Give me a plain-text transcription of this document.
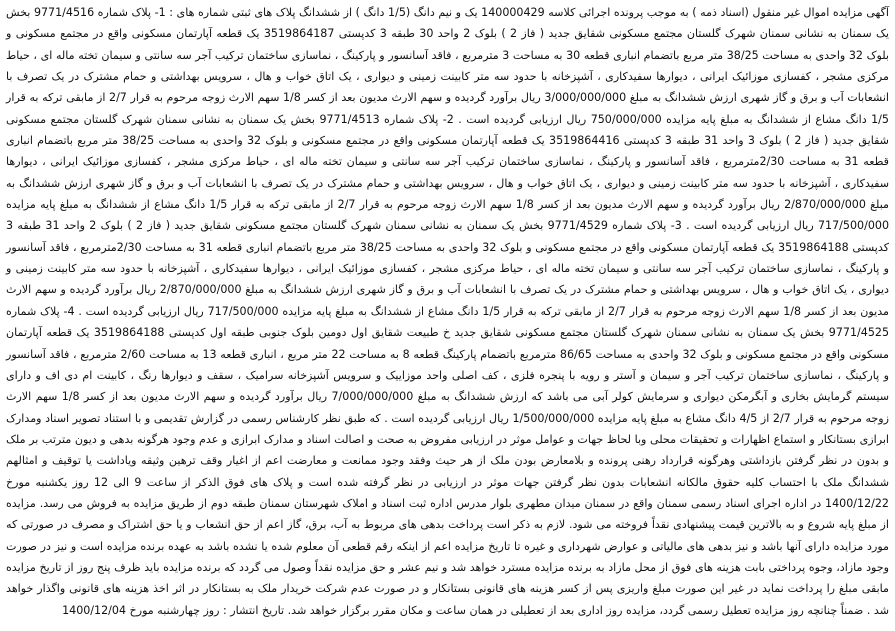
آگهی مزایده اموال غیر منقول (اسناد ذمه ) به موجب پرونده اجرائی کلاسه 140000429 یک و نیم دانگ (1/5 دانگ ) از ششدانگ پلاک های ثبتی شماره های : 1- پلاک شماره 9771/4516 بخش یک سمنان به نشانی سمنان شهرک گلستان مجتمع مسکونی شقایق جدید ( فاز 2 ) بلوک 2 واحد 30 طبقه 3 کدپستی 3519864187 یک قطعه آپارتمان مسکونی واقع در مجتمع مسکونی و بلوک 32 واحدی به مساحت 38/25 متر مربع باتضمام انباری قطعه 30 به مساحت 3 مترمربع ، فاقد آسانسور و پارکینگ ، نماسازی ساختمان ترکیب آجر سه سانتی و سیمان تخته ماله ای ، حیاط مرکزی مشجر ، کفسازی موزائیک ایرانی ، دیوارها سفیدکاری ، آشپزخانه با حدود سه متر کابینت زمینی و دیواری ، یک اتاق خواب و هال ، سرویس بهداشتی و حمام مشترک در یک تصرف با انشعابات آب و برق و گاز شهری ارزش ششدانگ به مبلغ 3/000/000/000 ریال برآورد گردیده و سهم الارث مدیون بعد از کسر 1/8 سهم الارث زوجه مرحوم به قرار 2/7 از مابقی ترکه به قرار 1/5 دانگ مشاع از ششدانگ به مبلغ پایه مزایده 750/000/000 ریال ارزیابی گردیده است . 2- پلاک شماره 9771/4513 بخش یک سمنان به نشانی سمنان شهرک گلستان مجتمع مسکونی شقایق جدید ( فاز 2 ) بلوک 3 واحد 31 طبقه 3 کدپستی 3519864416 یک قطعه آپارتمان مسکونی واقع در مجتمع مسکونی و بلوک 32 واحدی به مساحت 38/25 متر مربع باتضمام انباری قطعه 31 به مساحت 2/30مترمربع ، فاقد آسانسور و پارکینگ ، نماسازی ساختمان ترکیب آجر سه سانتی و سیمان تخته ماله ای ، حیاط مرکزی مشجر ، کفسازی موزائیک ایرانی ، دیوارها سفیدکاری ، آشپزخانه با حدود سه متر کابینت زمینی و دیواری ، یک اتاق خواب و هال ، سرویس بهداشتی و حمام مشترک در یک تصرف با انشعابات آب و برق و گاز شهری ارزش ششدانگ به مبلغ 2/870/000/000 ریال برآورد گردیده و سهم الارث مدیون بعد از کسر 1/8 سهم الارث زوجه مرحوم به قرار 2/7 از مابقی ترکه به قرار 1/5 دانگ مشاع از ششدانگ به مبلغ پایه مزایده 717/500/000 ریال ارزیابی گردیده است . 3- پلاک شماره 9771/4529 بخش یک سمنان به نشانی سمنان شهرک گلستان مجتمع مسکونی شقایق جدید ( فاز 2 ) بلوک 2 واحد 31 طبقه 3 کدپستی 3519864188 یک قطعه آپارتمان مسکونی واقع در مجتمع مسکونی و بلوک 32 واحدی به مساحت 38/25 متر مربع باتضمام انباری قطعه 31 به مساحت 2/30مترمربع ، فاقد آسانسور و پارکینگ ، نماسازی ساختمان ترکیب آجر سه سانتی و سیمان تخته ماله ای ، حیاط مرکزی مشجر ، کفسازی موزائیک ایرانی ، دیوارها سفیدکاری ، آشپزخانه با حدود سه متر کابینت زمینی و دیواری ، یک اتاق خواب و هال ، سرویس بهداشتی و حمام مشترک در یک تصرف با انشعابات آب و برق و گاز شهری ارزش ششدانگ به مبلغ 2/870/000/000 ریال برآورد گردیده و سهم الارث مدیون بعد از کسر 1/8 سهم الارث زوجه مرحوم به قرار 2/7 از مابقی ترکه به قرار 1/5 دانگ مشاع از ششدانگ به مبلغ پایه مزایده 717/500/000 ریال ارزیابی گردیده است . 4- پلاک شماره 9771/4525 بخش یک سمنان به نشانی سمنان شهرک گلستان مجتمع مسکونی شقایق جدید خ طبیعت شقایق اول دومین بلوک جنوبی طبقه اول کدپستی 3519864188 یک قطعه آپارتمان مسکونی واقع در مجتمع مسکونی و بلوک 32 واحدی به مساحت 86/65 مترمربع باتضمام پارکینگ قطعه 8 به مساحت 22 متر مربع ، انباری قطعه 13 به مساحت 2/60 مترمربع ، فاقد آسانسور و پارکینگ ، نماسازی ساختمان ترکیب آجر و سیمان و آستر و رویه با پنجره فلزی ، کف اصلی واحد موزاییک و سرویس آشپزخانه سرامیک ، سقف و دیوارها رنگ ، کابینت ام دی اف و دارای سیستم گرمایش بخاری و آبگرمکن دیواری و سرمایش کولر آبی می باشد که ارزش ششدانگ به مبلغ 7/000/000/000 ریال برآورد گردیده و سهم الارث مدیون بعد از کسر 1/8 سهم الارث زوجه مرحوم به قرار 2/7 از 4/5 دانگ مشاع به مبلغ پایه مزایده 1/500/000/000 ریال ارزیابی گردیده است . که طبق نظر کارشناس رسمی در گزارش تقدیمی و با استناد تصویر اسناد ومدارک ابرازی بستانکار و استماع اظهارات و تحقیقات محلی وبا لحاظ جهات و عوامل موثر در ارزیابی مفروض به صحت و اصالت اسناد و مدارک ابرازی و عدم وجود هرگونه بدهی و دیون مترتب بر ملک و بدون در نظر گرفتن بازداشتی وهرگونه قرارداد رهنی پرونده و بلامعارض بودن ملک از هر حیث وفقد وجود ممانعت و معارضت اعم از اغیار وقف ترهین وثیقه ویاداشت یا توقیف و امثالهم ششدانگ ملک با احتساب کلیه حقوق مالکانه انشعابات بدون نظر گرفتن جهات موثر در ارزیابی در نظر گرفته شده است و پلاک های فوق الذکر از ساعت 9 الی 12 روز یکشنبه مورخ 1400/12/22 در اداره اجرای اسناد رسمی سمنان واقع در سمنان میدان مطهری بلوار مدرس اداره ثبت اسناد و املاک شهرستان سمنان طبقه دوم از طریق مزایده به فروش می رسد. مزایده از مبلغ پایه شروع و به بالاترین قیمت پیشنهادی نقداً فروخته می شود. لازم به ذکر است پرداخت بدهی های مربوط به آب، برق، گاز اعم از حق انشعاب و یا حق اشتراک و مصرف در صورتی که مورد مزایده دارای آنها باشد و نیز بدهی های مالیاتی و عوارض شهرداری و غیره تا تاریخ مزایده اعم از اینکه رقم قطعی آن معلوم شده یا نشده باشد به عهده برنده مزایده است و نیز در صورت وجود مازاد، وجوه پرداختی بابت هزینه های فوق از محل مازاد به برنده مزایده مسترد خواهد شد و نیم عشر و حق مزایده نقداً وصول می گردد که برنده مزایده باید ظرف پنج روز از تاریخ مزایده مابقی مبلغ را پرداخت نماید در غیر این صورت مبلغ واریزی پس از کسر هزینه های قانونی بستانکار و در صورت عدم شرکت خریدار ملک به بستانکار در اثر اخذ هزینه های قانونی واگذار خواهد شد . ضمناً چنانچه روز مزایده تعطیل رسمی گردد، مزایده روز اداری بعد از تعطیلی در همان ساعت و مکان مقرر برگزار خواهد شد. تاریخ انتشار : روز چهارشنبه مورخ 1400/12/04
